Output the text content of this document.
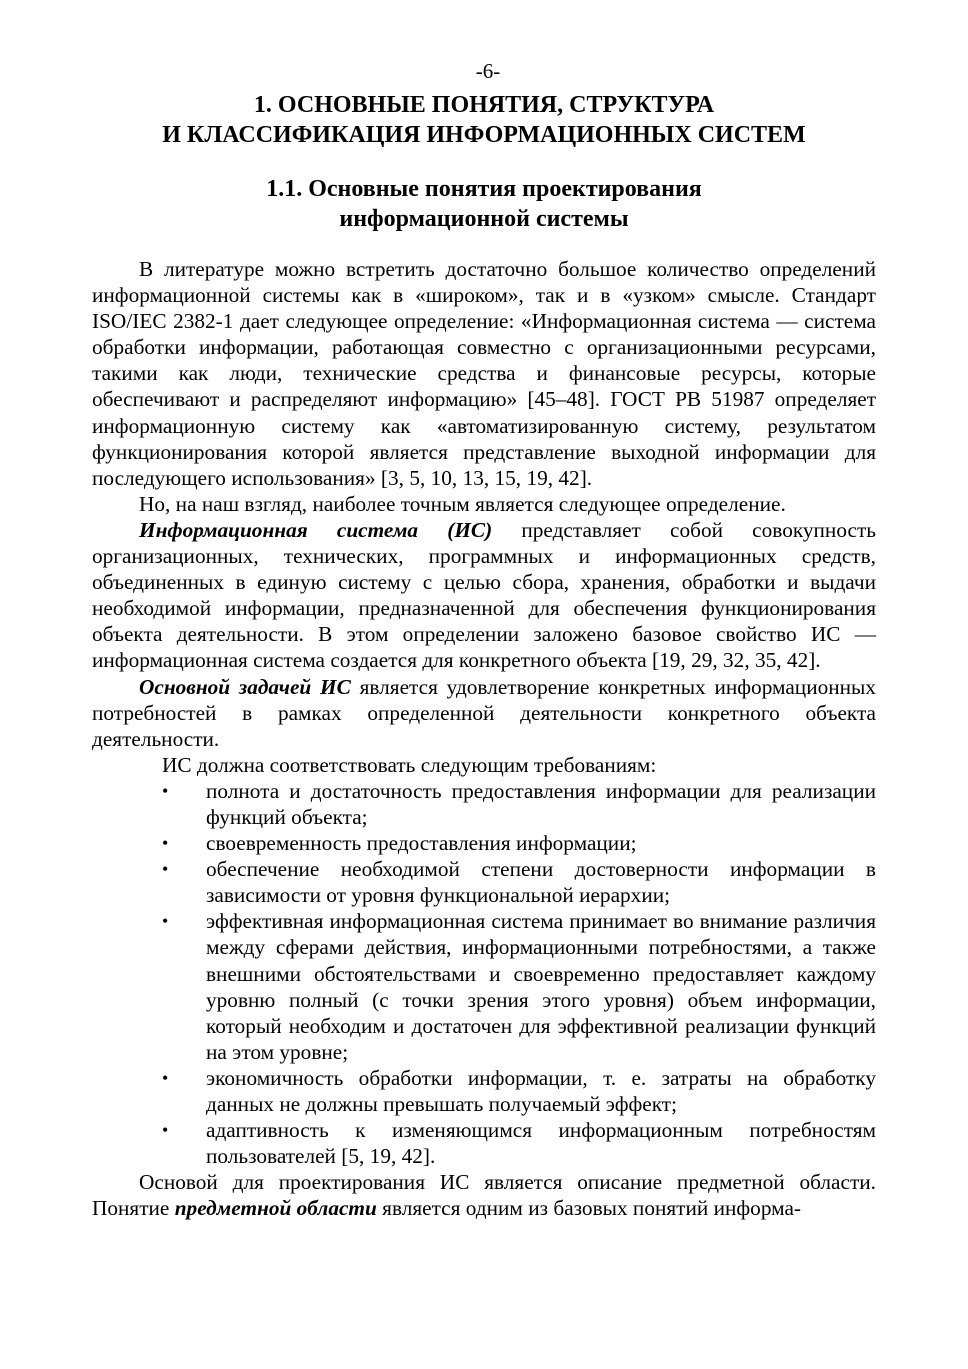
-6-
1. ОСНОВНЫЕ ПОНЯТИЯ, СТРУКТУРА
И КЛАССИФИКАЦИЯ ИНФОРМАЦИОННЫХ СИСТЕМ
1.1. Основные понятия проектирования
информационной системы

В литературе можно встретить достаточно большое количество определений информационной системы как в «широком», так и в «узком» смысле. Стандарт ISO/IEC 2382-1 дает следующее определение: «Информационная система — система обработки информации, работающая совместно с организационными ресурсами, такими как люди, технические средства и финансовые ресурсы, которые обеспечивают и распределяют информацию» [45–48]. ГОСТ РВ 51987 определяет информационную систему как «автоматизированную систему, результатом функционирования которой является представление выходной информации для последующего использования» [3, 5, 10, 13, 15, 19, 42].

Но, на наш взгляд, наиболее точным является следующее определение.

Информационная система (ИС) представляет собой совокупность организационных, технических, программных и информационных средств, объединенных в единую систему с целью сбора, хранения, обработки и выдачи необходимой информации, предназначенной для обеспечения функционирования объекта деятельности. В этом определении заложено базовое свойство ИС — информационная система создается для конкретного объекта [19, 29, 32, 35, 42].

Основной задачей ИС является удовлетворение конкретных информационных потребностей в рамках определенной деятельности конкретного объекта деятельности.

ИС должна соответствовать следующим требованиям:

• полнота и достаточность предоставления информации для реализации функций объекта;
• своевременность предоставления информации;
• обеспечение необходимой степени достоверности информации в зависимости от уровня функциональной иерархии;
• эффективная информационная система принимает во внимание различия между сферами действия, информационными потребностями, а также внешними обстоятельствами и своевременно предоставляет каждому уровню полный (с точки зрения этого уровня) объем информации, который необходим и достаточен для эффективной реализации функций на этом уровне;
• экономичность обработки информации, т. е. затраты на обработку данных не должны превышать получаемый эффект;
• адаптивность к изменяющимся информационным потребностям пользователей [5, 19, 42].

Основой для проектирования ИС является описание предметной области. Понятие предметной области является одним из базовых понятий информа-
